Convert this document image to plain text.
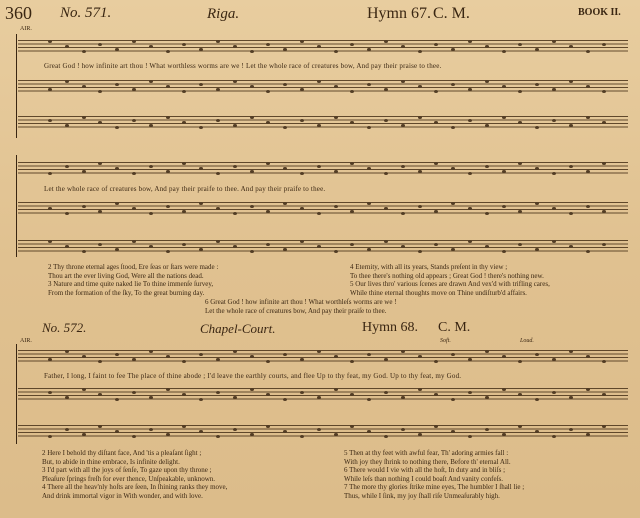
360 No. 571.	Riga.	Hymn 67. C. M.	BOOK II.
AIR.
Great God ! how infinite art thou ! What worthless worms are we ! Let the whole race of creatures bow, And pay their praise to thee.
Let the whole race of creatures bow, And pay their praife to thee. And pay their praife to thee.
2 Thy throne eternal ages ſtood, Ere ſeas or ſtars were made :
Thou art the ever living God, Were all the nations dead.
3 Nature and time quite naked lie To thine immenſe ſurvey,
From the formation of the ſky, To the great burning day.
4 Eternity, with all its years, Stands preſent in thy view ;
To thee there's nothing old appears ; Great God ! there's nothing new.
5 Our lives thro' various ſcenes are drawn And vex'd with trifling cares,
While thine eternal thoughts move on Thine undiſturb'd affairs.
6 Great God ! how infinite art thou ! What worthleſs worms are we !
Let the whole race of creatures bow, And pay their praiſe to thee.
No. 572.	Chapel-Court.	Hymn 68. C. M.
AIR.	Soft.	Loud.
Father, I long, I faint to fee The place of thine abode ; I'd leave the earthly courts, and flee Up to thy feat, my God. Up to thy feat, my God.
2 Here I behold thy diſtant face, And 'tis a pleaſant ſight ;
But, to abide in thine embrace, Is infinite delight.
3 I'd part with all the joys of ſenſe, To gaze upon thy throne ;
Pleaſure ſprings freſh for ever thence, Unſpeakable, unknown.
4 There all the heav'nly hoſts are ſeen, In ſhining ranks they move,
And drink immortal vigor in With wonder, and with love.
5 Then at thy feet with awful fear, Th' adoring armies fall :
With joy they ſhrink to nothing there, Before th' eternal All.
6 There would I vie with all the hoſt, In duty and in bliſs ;
While leſs than nothing I could boaſt And vanity confeſs.
7 The more thy glories ſtrike mine eyes, The humbler I ſhall lie ;
Thus, while I ſink, my joy ſhall riſe Unmeaſurably high.
